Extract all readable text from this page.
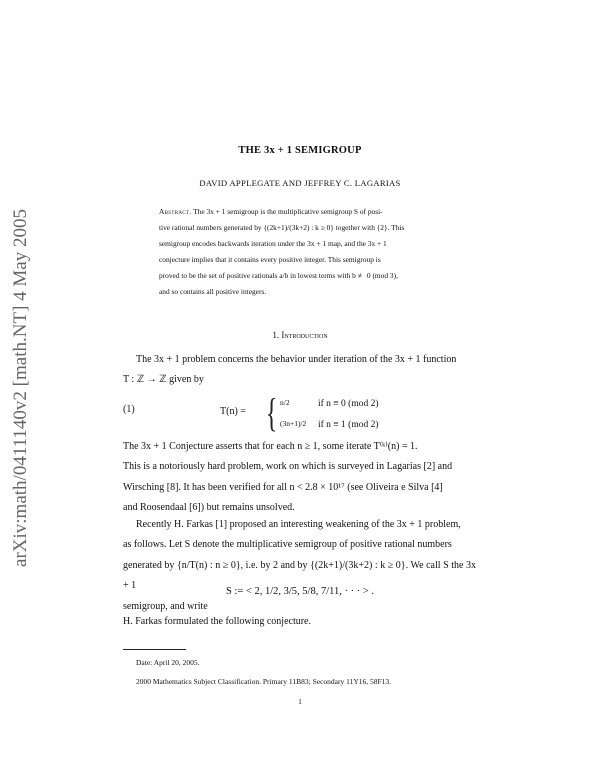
arXiv:math/0411140v2 [math.NT] 4 May 2005
THE 3x + 1 SEMIGROUP
DAVID APPLEGATE AND JEFFREY C. LAGARIAS
Abstract. The 3x + 1 semigroup is the multiplicative semigroup S of posi-
tive rational numbers generated by {(2k+1)/(3k+2) : k ≥ 0} together with {2}. This
semigroup encodes backwards iteration under the 3x + 1 map, and the 3x + 1
conjecture implies that it contains every positive integer. This semigroup is
proved to be the set of positive rationals a/b in lowest terms with b ≢ 0 (mod 3),
and so contains all positive integers.
1. Introduction
The 3x + 1 problem concerns the behavior under iteration of the 3x + 1 function
T : ℤ → ℤ given by
(1)	T(n) = { n/2	if n ≡ 0 (mod 2)
(3n+1)/2 if n ≡ 1 (mod 2)
The 3x + 1 Conjecture asserts that for each n ≥ 1, some iterate T⁽ᵏ⁾(n) = 1.
This is a notoriously hard problem, work on which is surveyed in Lagarias [2] and
Wirsching [8]. It has been verified for all n < 2.8 × 10¹⁷ (see Oliveira e Silva [4]
and Roosendaal [6]) but remains unsolved.
Recently H. Farkas [1] proposed an interesting weakening of the 3x + 1 problem,
as follows. Let S denote the multiplicative semigroup of positive rational numbers
generated by {n/T(n) : n ≥ 0}, i.e. by 2 and by {(2k+1)/(3k+2) : k ≥ 0}. We call S the 3x + 1
semigroup, and write
S := < 2, 1/2, 3/5, 5/8, 7/11, · · · > .
H. Farkas formulated the following conjecture.
Date: April 20, 2005.
2000 Mathematics Subject Classification. Primary 11B83; Secondary 11Y16, 58F13.
1
